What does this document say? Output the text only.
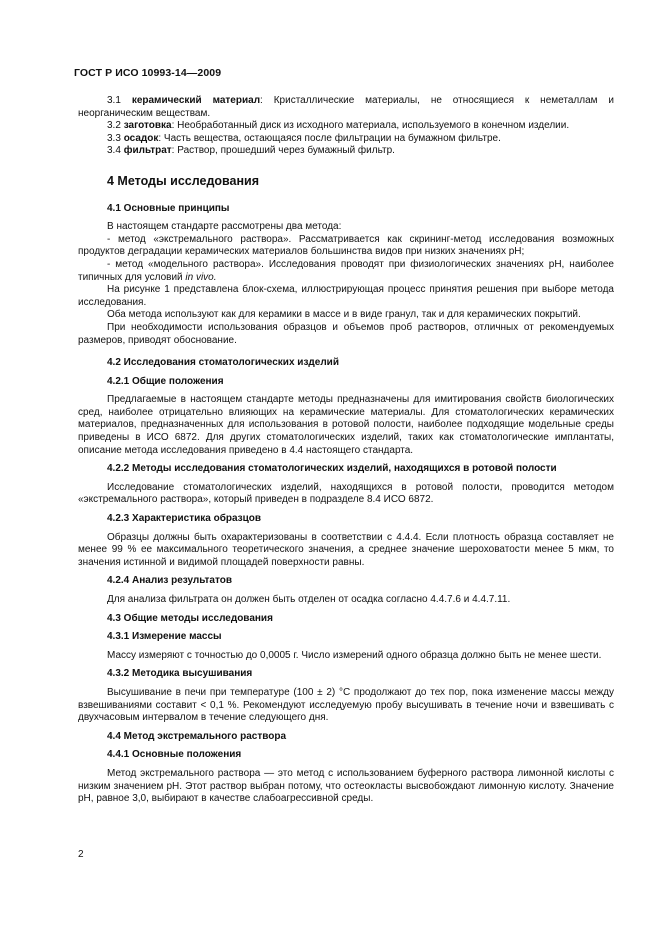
ГОСТ Р ИСО 10993-14—2009

3.1 керамический материал: Кристаллические материалы, не относящиеся к неметаллам и неорганическим веществам.

3.2 заготовка: Необработанный диск из исходного материала, используемого в конечном изделии.

3.3 осадок: Часть вещества, остающаяся после фильтрации на бумажном фильтре.

3.4 фильтрат: Раствор, прошедший через бумажный фильтр.

4 Методы исследования

4.1 Основные принципы

В настоящем стандарте рассмотрены два метода:

- метод «экстремального раствора». Рассматривается как скрининг-метод исследования возможных продуктов деградации керамических материалов большинства видов при низких значениях pH;

- метод «модельного раствора». Исследования проводят при физиологических значениях pH, наиболее типичных для условий in vivo.

На рисунке 1 представлена блок-схема, иллюстрирующая процесс принятия решения при выборе метода исследования.

Оба метода используют как для керамики в массе и в виде гранул, так и для керамических покрытий.

При необходимости использования образцов и объемов проб растворов, отличных от рекомендуемых размеров, приводят обоснование.

4.2 Исследования стоматологических изделий

4.2.1 Общие положения

Предлагаемые в настоящем стандарте методы предназначены для имитирования свойств биологических сред, наиболее отрицательно влияющих на керамические материалы. Для стоматологических керамических материалов, предназначенных для использования в ротовой полости, наиболее подходящие модельные среды приведены в ИСО 6872. Для других стоматологических изделий, таких как стоматологические имплантаты, описание метода исследования приведено в 4.4 настоящего стандарта.

4.2.2 Методы исследования стоматологических изделий, находящихся в ротовой полости

Исследование стоматологических изделий, находящихся в ротовой полости, проводится методом «экстремального раствора», который приведен в подразделе 8.4 ИСО 6872.

4.2.3 Характеристика образцов

Образцы должны быть охарактеризованы в соответствии с 4.4.4. Если плотность образца составляет не менее 99 % ее максимального теоретического значения, а среднее значение шероховатости менее 5 мкм, то значения истинной и видимой площадей поверхности равны.

4.2.4 Анализ результатов

Для анализа фильтрата он должен быть отделен от осадка согласно 4.4.7.6 и 4.4.7.11.

4.3 Общие методы исследования

4.3.1 Измерение массы

Массу измеряют с точностью до 0,0005 г. Число измерений одного образца должно быть не менее шести.

4.3.2 Методика высушивания

Высушивание в печи при температуре (100 ± 2) °С продолжают до тех пор, пока изменение массы между взвешиваниями составит < 0,1 %. Рекомендуют исследуемую пробу высушивать в течение ночи и взвешивать с двухчасовым интервалом в течение следующего дня.

4.4 Метод экстремального раствора

4.4.1 Основные положения

Метод экстремального раствора — это метод с использованием буферного раствора лимонной кислоты с низким значением pH. Этот раствор выбран потому, что остеокласты высвобождают лимонную кислоту. Значение pH, равное 3,0, выбирают в качестве слабоагрессивной среды.

2
